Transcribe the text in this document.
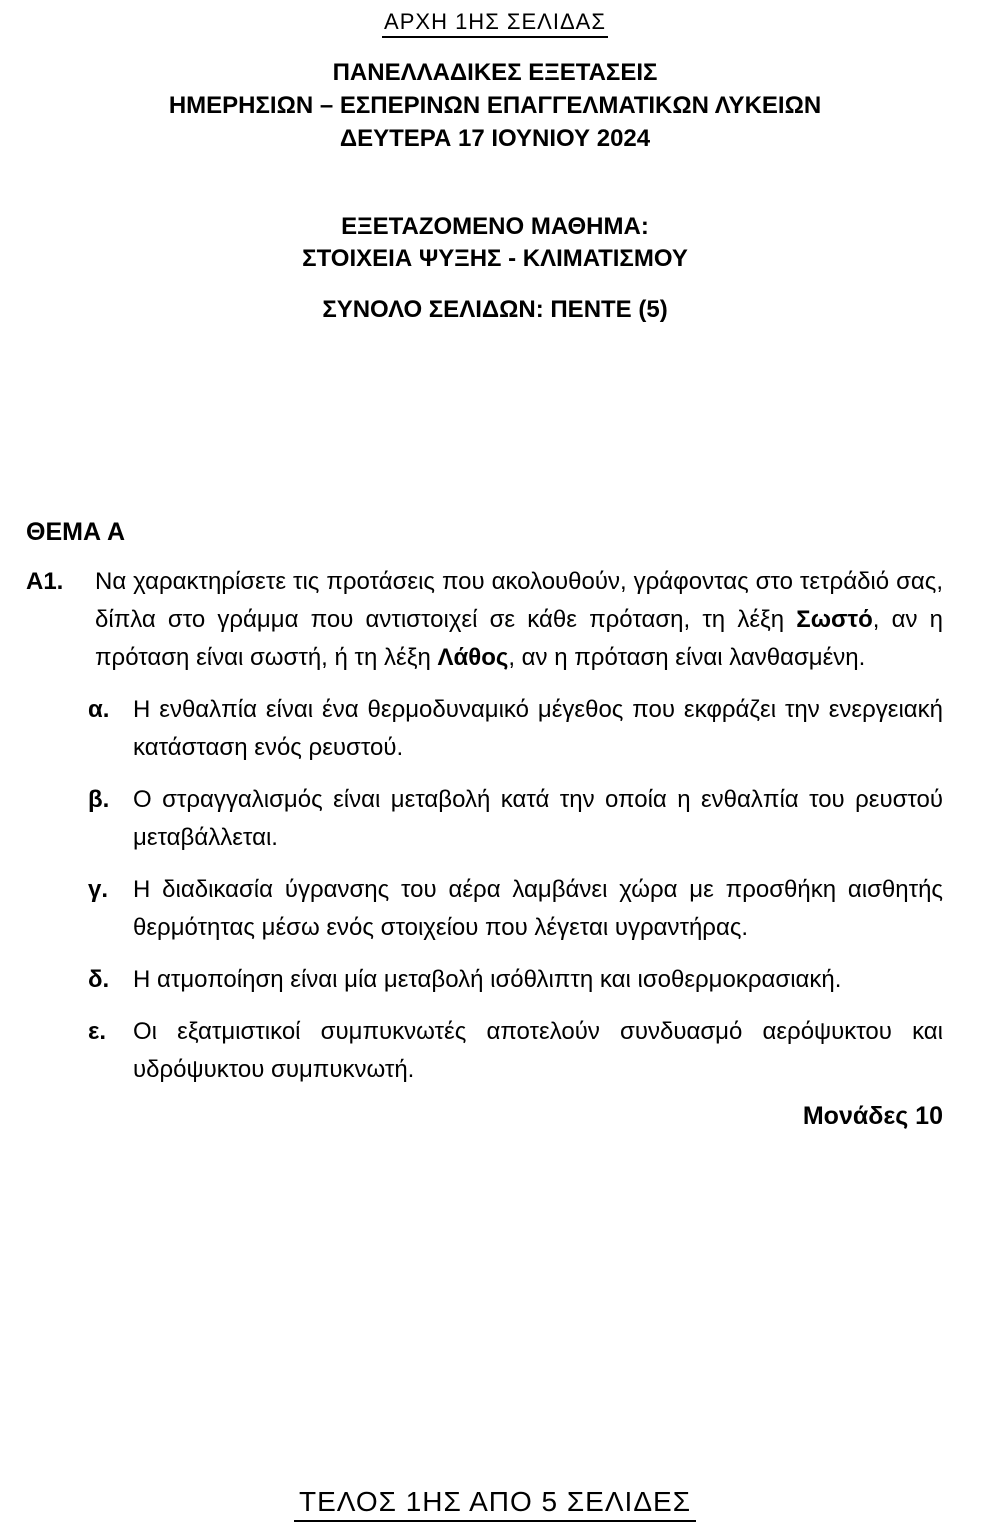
ΑΡΧΗ 1ΗΣ ΣΕΛΙΔΑΣ
ΠΑΝΕΛΛΑΔΙΚΕΣ ΕΞΕΤΑΣΕΙΣ
ΗΜΕΡΗΣΙΩΝ – ΕΣΠΕΡΙΝΩΝ ΕΠΑΓΓΕΛΜΑΤΙΚΩΝ ΛΥΚΕΙΩΝ
ΔΕΥΤΕΡΑ 17 ΙΟΥΝΙΟΥ 2024
ΕΞΕΤΑΖΟΜΕΝΟ ΜΑΘΗΜΑ:
ΣΤΟΙΧΕΙΑ ΨΥΞΗΣ - ΚΛΙΜΑΤΙΣΜΟΥ
ΣΥΝΟΛΟ ΣΕΛΙΔΩΝ: ΠΕΝΤΕ (5)
ΘΕΜΑ Α
Α1. Να χαρακτηρίσετε τις προτάσεις που ακολουθούν, γράφοντας στο τετράδιό σας, δίπλα στο γράμμα που αντιστοιχεί σε κάθε πρόταση, τη λέξη Σωστό, αν η πρόταση είναι σωστή, ή τη λέξη Λάθος, αν η πρόταση είναι λανθασμένη.
α. Η ενθαλπία είναι ένα θερμοδυναμικό μέγεθος που εκφράζει την ενεργειακή κατάσταση ενός ρευστού.
β. Ο στραγγαλισμός είναι μεταβολή κατά την οποία η ενθαλπία του ρευστού μεταβάλλεται.
γ. Η διαδικασία ύγρανσης του αέρα λαμβάνει χώρα με προσθήκη αισθητής θερμότητας μέσω ενός στοιχείου που λέγεται υγραντήρας.
δ. Η ατμοποίηση είναι μία μεταβολή ισόθλιπτη και ισοθερμοκρασιακή.
ε. Οι εξατμιστικοί συμπυκνωτές αποτελούν συνδυασμό αερόψυκτου και υδρόψυκτου συμπυκνωτή.
Μονάδες 10
ΤΕΛΟΣ 1ΗΣ ΑΠΟ 5 ΣΕΛΙΔΕΣ
